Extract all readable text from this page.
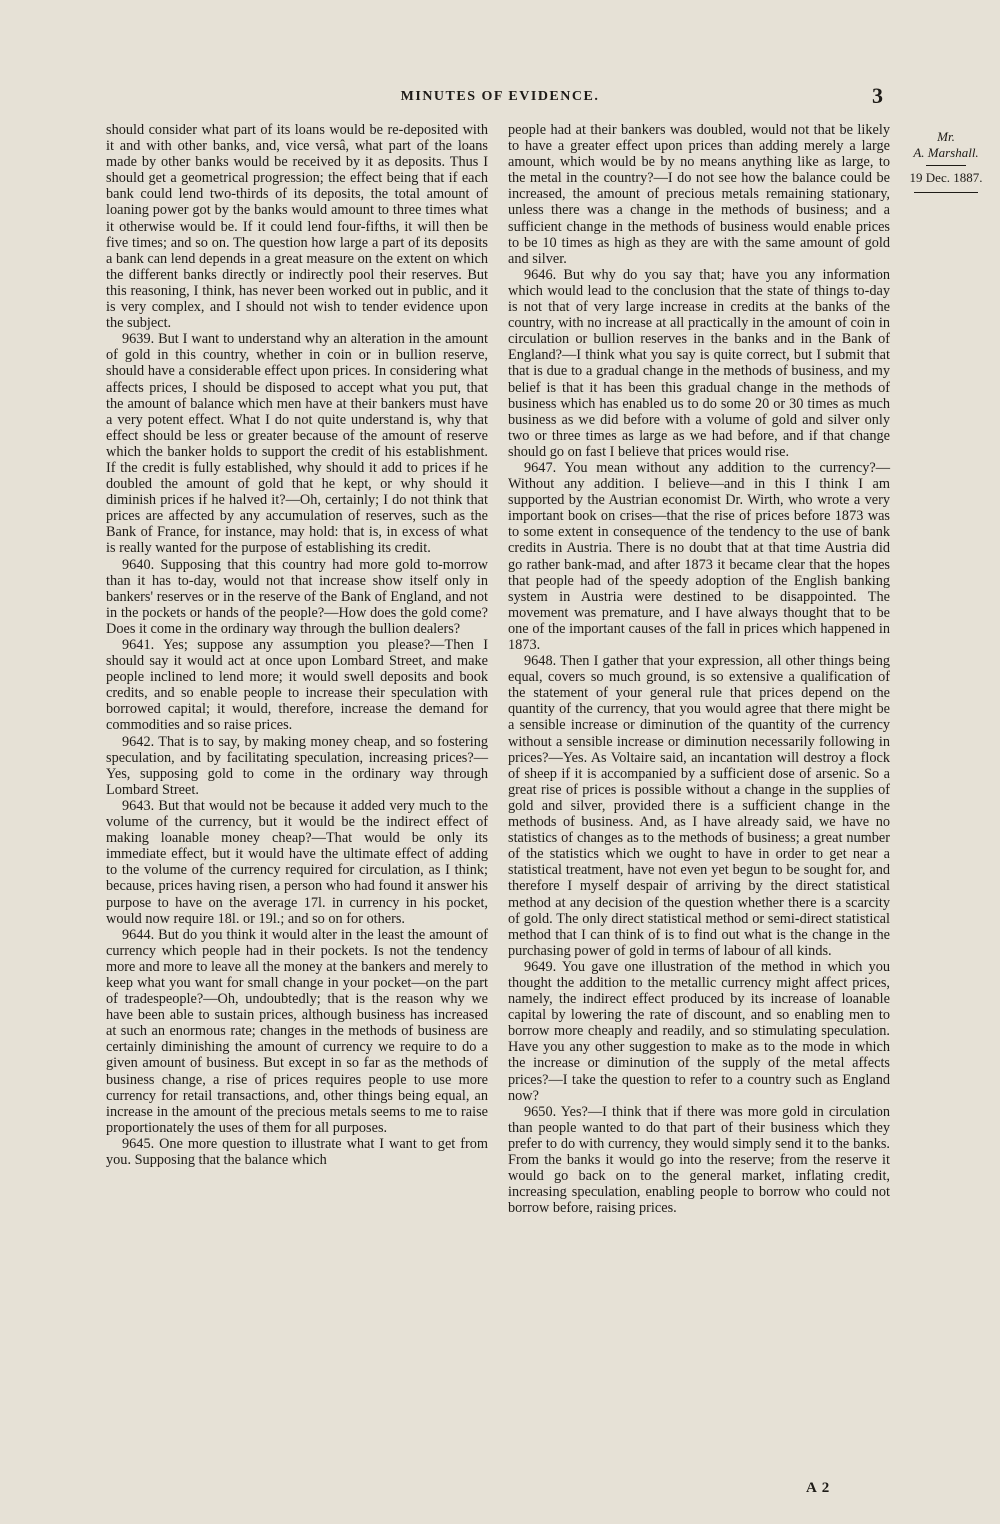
MINUTES OF EVIDENCE.	3
Mr.
A. Marshall.
19 Dec. 1887.

should consider what part of its loans would be re-deposited with it and with other banks, and, vice versâ, what part of the loans made by other banks would be received by it as deposits. Thus I should get a geometrical progression; the effect being that if each bank could lend two-thirds of its deposits, the total amount of loaning power got by the banks would amount to three times what it otherwise would be. If it could lend four-fifths, it will then be five times; and so on. The question how large a part of its deposits a bank can lend depends in a great measure on the extent on which the different banks directly or indirectly pool their reserves. But this reasoning, I think, has never been worked out in public, and it is very complex, and I should not wish to tender evidence upon the subject.

9639. But I want to understand why an alteration in the amount of gold in this country, whether in coin or in bullion reserve, should have a considerable effect upon prices. In considering what affects prices, I should be disposed to accept what you put, that the amount of balance which men have at their bankers must have a very potent effect. What I do not quite understand is, why that effect should be less or greater because of the amount of reserve which the banker holds to support the credit of his establishment. If the credit is fully established, why should it add to prices if he doubled the amount of gold that he kept, or why should it diminish prices if he halved it?—Oh, certainly; I do not think that prices are affected by any accumulation of reserves, such as the Bank of France, for instance, may hold: that is, in excess of what is really wanted for the purpose of establishing its credit.

9640. Supposing that this country had more gold to-morrow than it has to-day, would not that increase show itself only in bankers' reserves or in the reserve of the Bank of England, and not in the pockets or hands of the people?—How does the gold come? Does it come in the ordinary way through the bullion dealers?

9641. Yes; suppose any assumption you please?—Then I should say it would act at once upon Lombard Street, and make people inclined to lend more; it would swell deposits and book credits, and so enable people to increase their speculation with borrowed capital; it would, therefore, increase the demand for commodities and so raise prices.

9642. That is to say, by making money cheap, and so fostering speculation, and by facilitating speculation, increasing prices?—Yes, supposing gold to come in the ordinary way through Lombard Street.

9643. But that would not be because it added very much to the volume of the currency, but it would be the indirect effect of making loanable money cheap?—That would be only its immediate effect, but it would have the ultimate effect of adding to the volume of the currency required for circulation, as I think; because, prices having risen, a person who had found it answer his purpose to have on the average 17l. in currency in his pocket, would now require 18l. or 19l.; and so on for others.

9644. But do you think it would alter in the least the amount of currency which people had in their pockets. Is not the tendency more and more to leave all the money at the bankers and merely to keep what you want for small change in your pocket—on the part of tradespeople?—Oh, undoubtedly; that is the reason why we have been able to sustain prices, although business has increased at such an enormous rate; changes in the methods of business are certainly diminishing the amount of currency we require to do a given amount of business. But except in so far as the methods of business change, a rise of prices requires people to use more currency for retail transactions, and, other things being equal, an increase in the amount of the precious metals seems to me to raise proportionately the uses of them for all purposes.

9645. One more question to illustrate what I want to get from you. Supposing that the balance which

people had at their bankers was doubled, would not that be likely to have a greater effect upon prices than adding merely a large amount, which would be by no means anything like as large, to the metal in the country?—I do not see how the balance could be increased, the amount of precious metals remaining stationary, unless there was a change in the methods of business; and a sufficient change in the methods of business would enable prices to be 10 times as high as they are with the same amount of gold and silver.

9646. But why do you say that; have you any information which would lead to the conclusion that the state of things to-day is not that of very large increase in credits at the banks of the country, with no increase at all practically in the amount of coin in circulation or bullion reserves in the banks and in the Bank of England?—I think what you say is quite correct, but I submit that that is due to a gradual change in the methods of business, and my belief is that it has been this gradual change in the methods of business which has enabled us to do some 20 or 30 times as much business as we did before with a volume of gold and silver only two or three times as large as we had before, and if that change should go on fast I believe that prices would rise.

9647. You mean without any addition to the currency?—Without any addition. I believe—and in this I think I am supported by the Austrian economist Dr. Wirth, who wrote a very important book on crises—that the rise of prices before 1873 was to some extent in consequence of the tendency to the use of bank credits in Austria. There is no doubt that at that time Austria did go rather bank-mad, and after 1873 it became clear that the hopes that people had of the speedy adoption of the English banking system in Austria were destined to be disappointed. The movement was premature, and I have always thought that to be one of the important causes of the fall in prices which happened in 1873.

9648. Then I gather that your expression, all other things being equal, covers so much ground, is so extensive a qualification of the statement of your general rule that prices depend on the quantity of the currency, that you would agree that there might be a sensible increase or diminution of the quantity of the currency without a sensible increase or diminution necessarily following in prices?—Yes. As Voltaire said, an incantation will destroy a flock of sheep if it is accompanied by a sufficient dose of arsenic. So a great rise of prices is possible without a change in the supplies of gold and silver, provided there is a sufficient change in the methods of business. And, as I have already said, we have no statistics of changes as to the methods of business; a great number of the statistics which we ought to have in order to get near a statistical treatment, have not even yet begun to be sought for, and therefore I myself despair of arriving by the direct statistical method at any decision of the question whether there is a scarcity of gold. The only direct statistical method or semi-direct statistical method that I can think of is to find out what is the change in the purchasing power of gold in terms of labour of all kinds.

9649. You gave one illustration of the method in which you thought the addition to the metallic currency might affect prices, namely, the indirect effect produced by its increase of loanable capital by lowering the rate of discount, and so enabling men to borrow more cheaply and readily, and so stimulating speculation. Have you any other suggestion to make as to the mode in which the increase or diminution of the supply of the metal affects prices?—I take the question to refer to a country such as England now?

9650. Yes?—I think that if there was more gold in circulation than people wanted to do that part of their business which they prefer to do with currency, they would simply send it to the banks. From the banks it would go into the reserve; from the reserve it would go back on to the general market, inflating credit, increasing speculation, enabling people to borrow who could not borrow before, raising prices.

A 2
